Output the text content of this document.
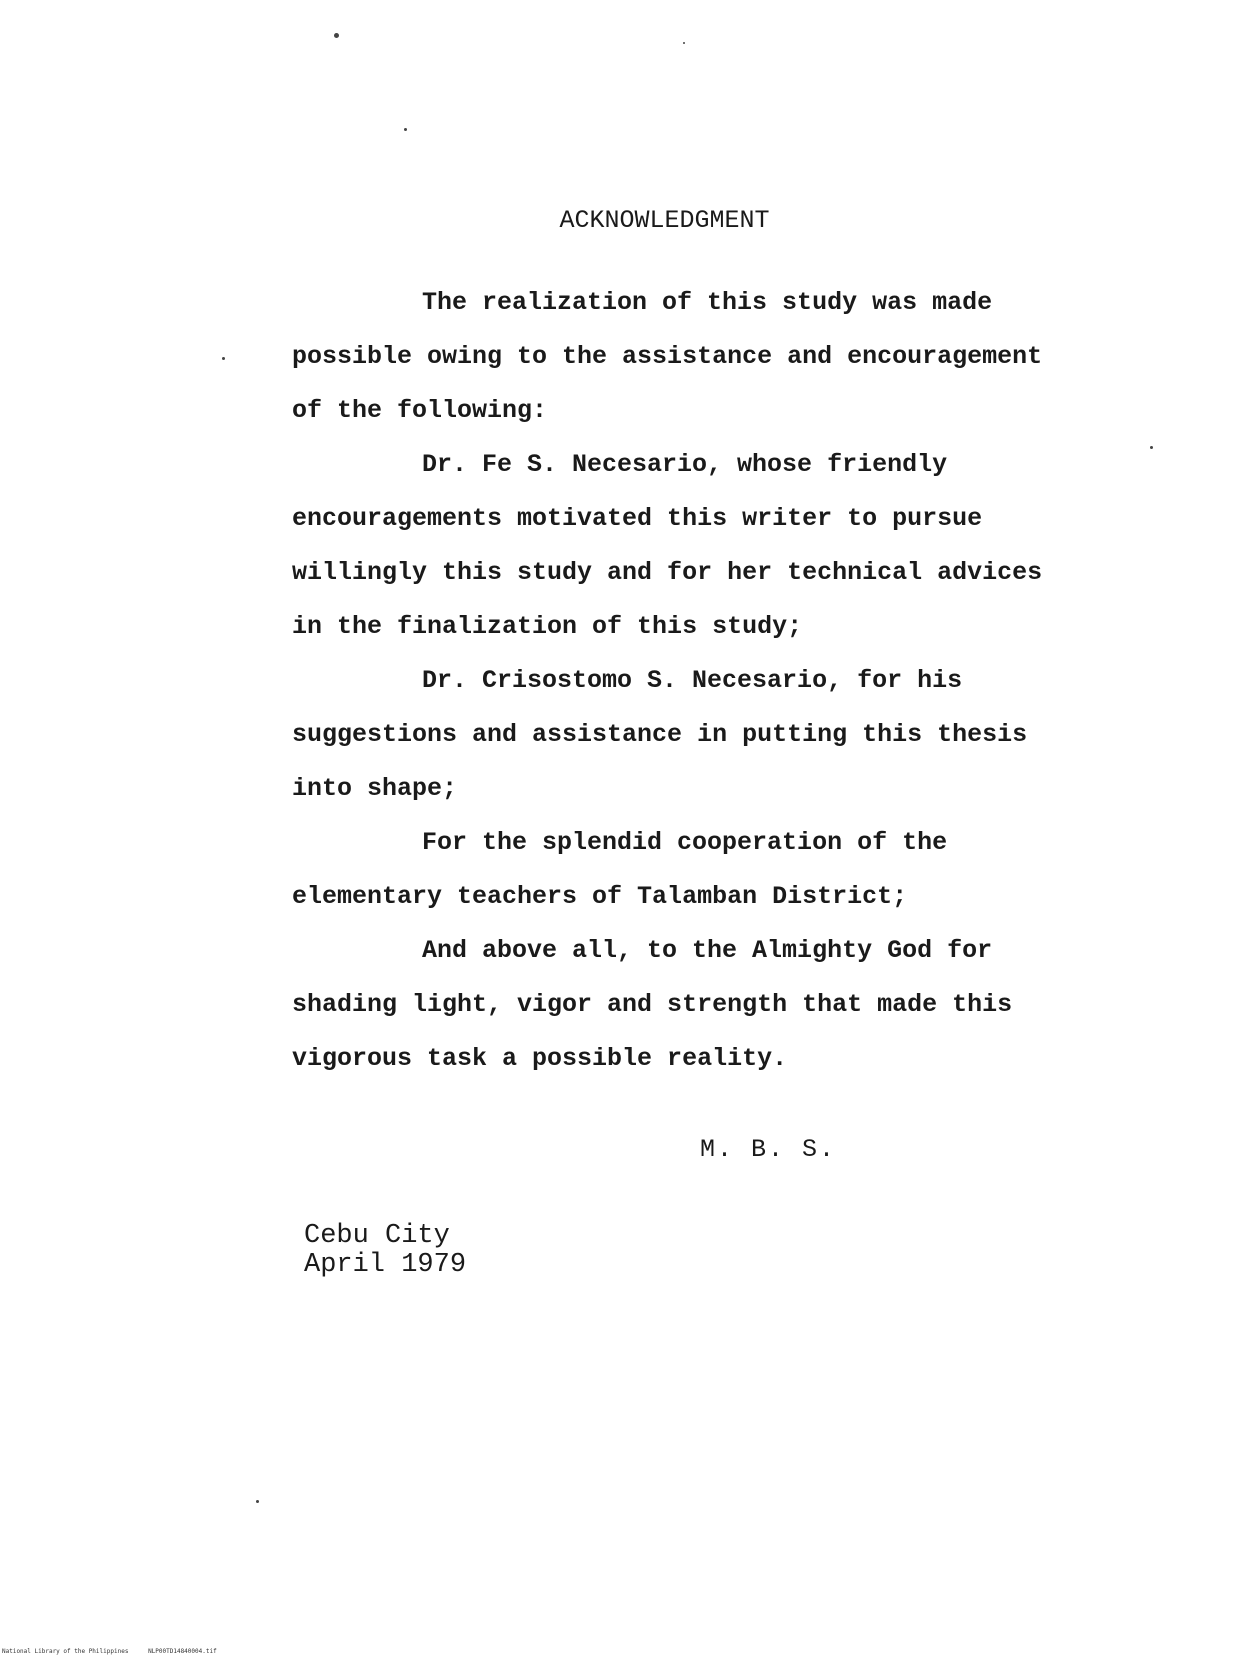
ACKNOWLEDGMENT

The realization of this study was made possible owing to the assistance and encouragement of the following:

Dr. Fe S. Necesario, whose friendly encouragements motivated this writer to pursue willingly this study and for her technical advices in the finalization of this study;

Dr. Crisostomo S. Necesario, for his suggestions and assistance in putting this thesis into shape;

For the splendid cooperation of the elementary teachers of Talamban District;

And above all, to the Almighty God for shading light, vigor and strength that made this vigorous task a possible reality.

M. B. S.
Cebu City
April 1979
National Library of the Philippines	NLP00TD14840004.tif
